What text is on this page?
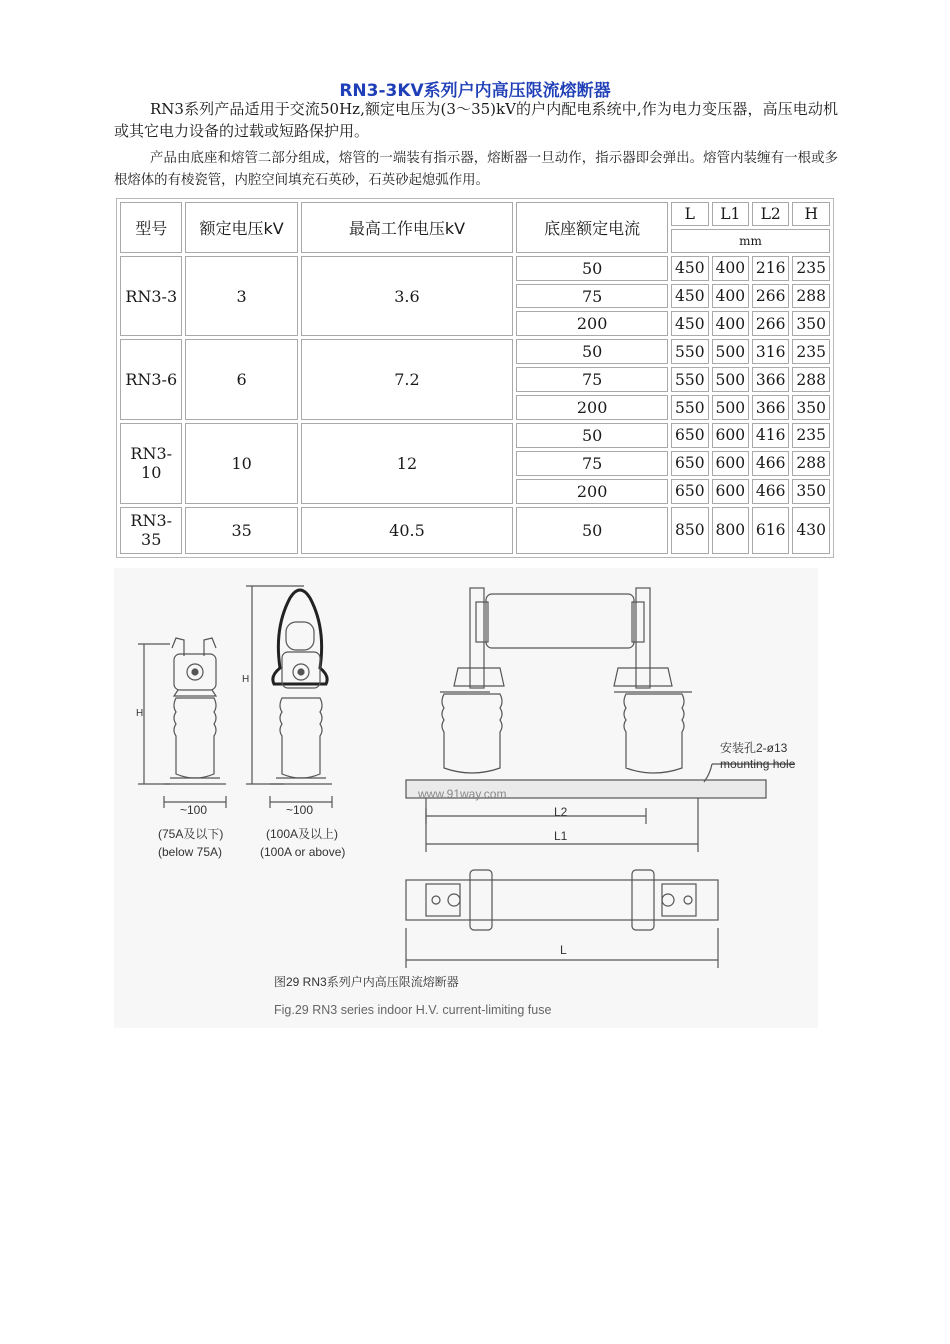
RN3-3KV系列户内高压限流熔断器

RN3系列产品适用于交流50Hz,额定电压为(3～35)kV的户内配电系统中,作为电力变压器，高压电动机或其它电力设备的过载或短路保护用。

产品由底座和熔管二部分组成，熔管的一端装有指示器，熔断器一旦动作，指示器即会弹出。熔管内装缠有一根或多根熔体的有棱瓷管，内腔空间填充石英砂，石英砂起熄弧作用。

型号	额定电压kV	最高工作电压kV	底座额定电流	L	L1	L2	H
				mm			
RN3-3	3	3.6	50	450	400	216	235
			75	450	400	266	288
			200	450	400	266	350
RN3-6	6	7.2	50	550	500	316	235
			75	550	500	366	288
			200	550	500	366	350
RN3-10	10	12	50	650	600	416	235
			75	650	600	466	288
			200	650	600	466	350
RN3-35	35	40.5	50	850	800	616	430
H
H
~100	~100
(75A及以下)
(below 75A)
(100A及以上)
(100A or above)
安装孔2-ø13
mounting hole
www.91way.com
L2
L1
L
图29 RN3系列户内高压限流熔断器
Fig.29 RN3 series indoor H.V. current-limiting fuse
